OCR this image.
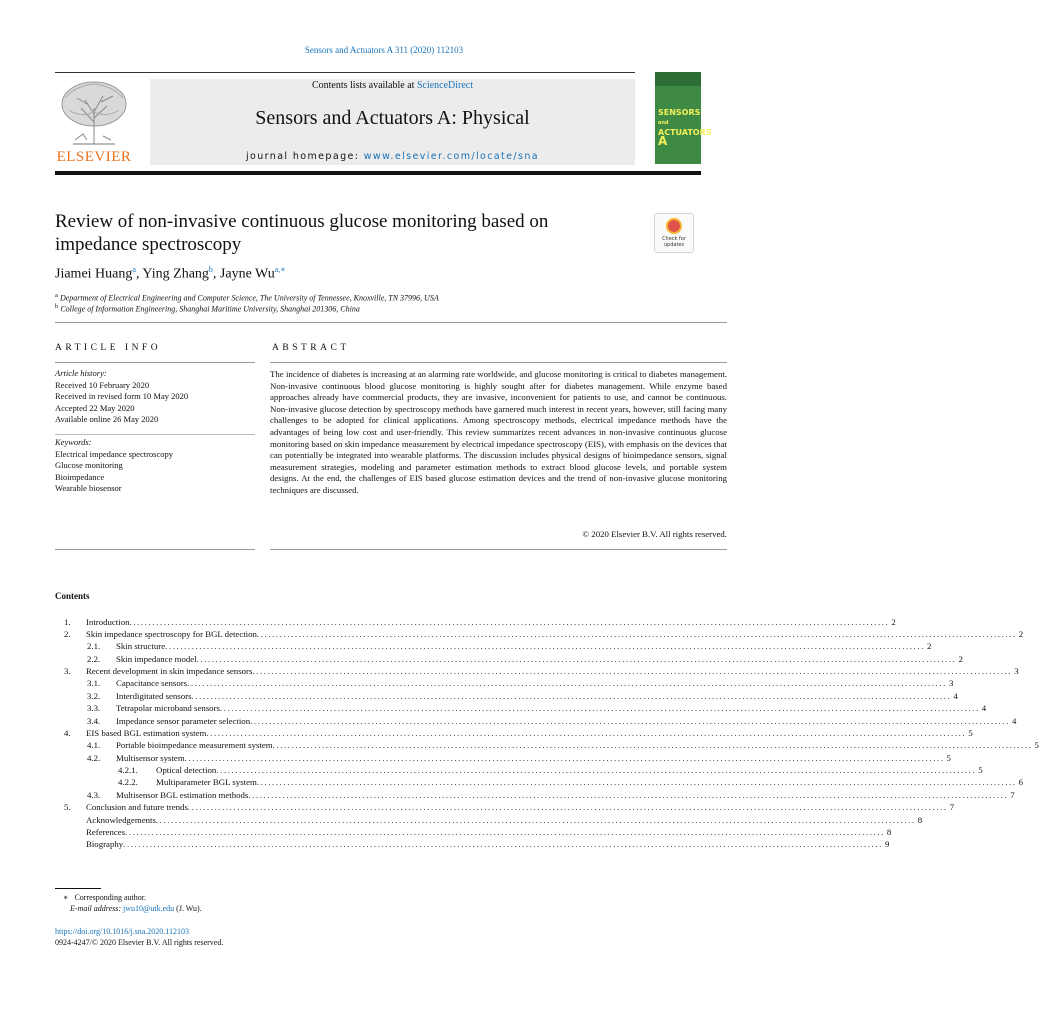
Sensors and Actuators A 311 (2020) 112103
ELSEVIER
Contents lists available at ScienceDirect
Sensors and Actuators A: Physical
journal homepage: www.elsevier.com/locate/sna
SENSORS and
ACTUATORS A
Review of non-invasive continuous glucose monitoring based on impedance spectroscopy	Check for
updates
Jiamei Huang$^a$, Ying Zhang$^b$, Jayne $Wu^{a,∗}$
$^a$ Department of Electrical Engineering and Computer Science, The University of Tennessee, Knoxville, TN 37996, USA
$^b$ College of Information Engineering, Shanghai Maritime University, Shanghai 201306, China
ARTICLE INFO	ABSTRACT
Article history:
Received 10 February 2020
Received in revised form 10 May 2020
Accepted 22 May 2020
Available online 26 May 2020
Keywords:
Electrical impedance spectroscopy
Glucose monitoring
Bioimpedance
Wearable biosensor
The incidence of diabetes is increasing at an alarming rate worldwide, and glucose monitoring is critical to diabetes management. Non-invasive continuous blood glucose monitoring is highly sought after for diabetes management. While enzyme based approaches already have commercial products, they are invasive, inconvenient for patients to use, and cannot be continuous. Non-invasive glucose detection by spectroscopy methods have garnered much interest in recent years, however, still facing many challenges to be adopted for clinical applications. Among spectroscopy methods, electrical impedance methods have the advantages of being low cost and user-friendly. This review summarizes recent advances in non-invasive continuous glucose monitoring based on skin impedance measurement by electrical impedance spectroscopy (EIS), with emphasis on the devices that can potentially be integrated into wearable platforms. The discussion includes physical designs of bioimpedance sensors, signal measurement strategies, modeling and parameter estimation methods to extract blood glucose levels, and portable system designs. At the end, the challenges of EIS based glucose estimation devices and the trend of non-invasive glucose monitoring techniques are discussed.
© 2020 Elsevier B.V. All rights reserved.
Contents
1. Introduction ........................................................................................................................................................................................................ 2
2. Skin impedance spectroscopy for BGL detection ........................................................................................................................................................................................................ 2
2.1. Skin structure ........................................................................................................................................................................................................ 2
2.2. Skin impedance model ........................................................................................................................................................................................................ 2
3. Recent development in skin impedance sensors ........................................................................................................................................................................................................ 3
3.1. Capacitance sensors ........................................................................................................................................................................................................ 3
3.2. Interdigitated sensors ........................................................................................................................................................................................................ 4
3.3. Tetrapolar microband sensors ........................................................................................................................................................................................................ 4
3.4. Impedance sensor parameter selection ........................................................................................................................................................................................................ 4
4. EIS based BGL estimation system ........................................................................................................................................................................................................ 5
4.1. Portable bioimpedance measurement system ........................................................................................................................................................................................................ 5
4.2. Multisensor system ........................................................................................................................................................................................................ 5
4.2.1. Optical detection ........................................................................................................................................................................................................ 5
4.2.2. Multiparameter BGL system ........................................................................................................................................................................................................ 6
4.3. Multisensor BGL estimation methods ........................................................................................................................................................................................................ 7
5. Conclusion and future trends ........................................................................................................................................................................................................ 7
Acknowledgements ........................................................................................................................................................................................................ 8
References ........................................................................................................................................................................................................ 8
Biography ........................................................................................................................................................................................................ 9
∗ Corresponding author.
E-mail address: jwu10@utk.edu (J. Wu).
https://doi.org/10.1016/j.sna.2020.112103
0924-4247/© 2020 Elsevier B.V. All rights reserved.
